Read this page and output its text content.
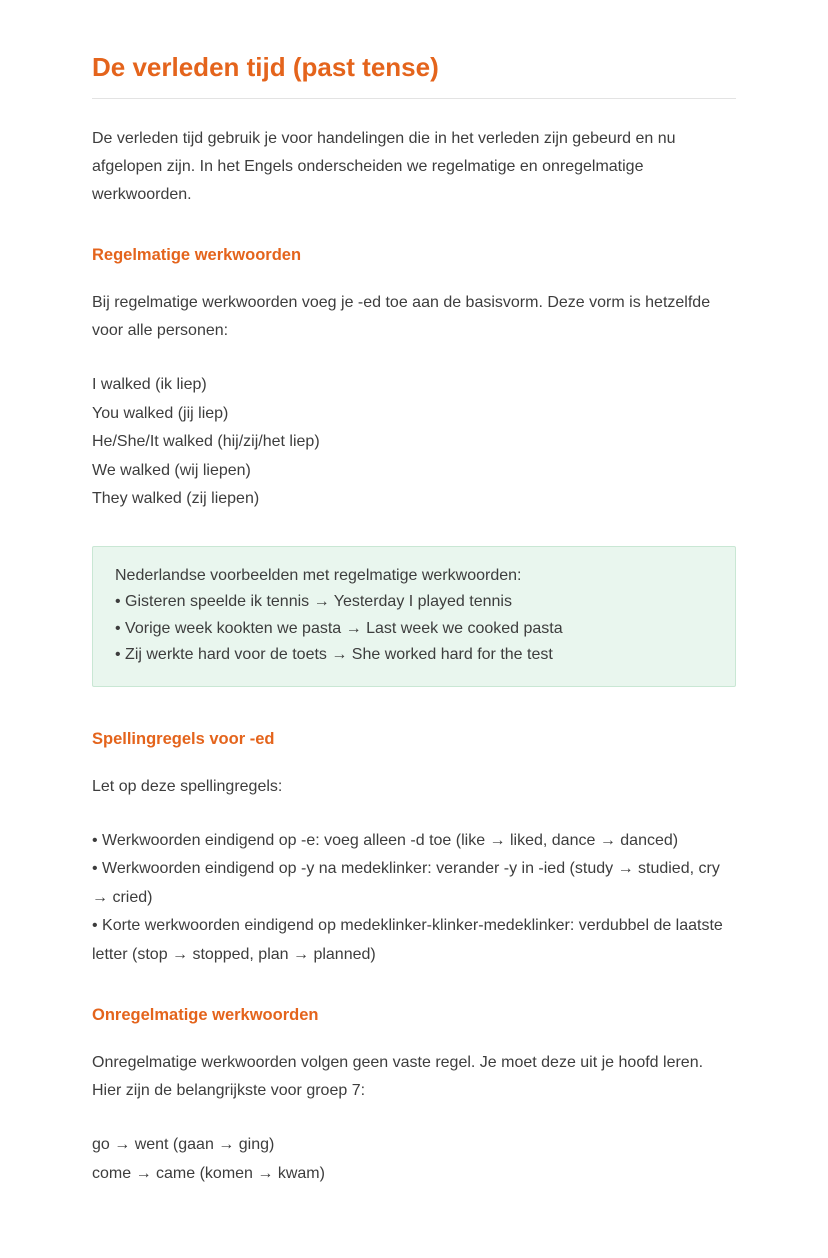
De verleden tijd (past tense)

De verleden tijd gebruik je voor handelingen die in het verleden zijn gebeurd en nu afgelopen zijn. In het Engels onderscheiden we regelmatige en onregelmatige werkwoorden.

Regelmatige werkwoorden

Bij regelmatige werkwoorden voeg je -ed toe aan de basisvorm. Deze vorm is hetzelfde voor alle personen:

I walked (ik liep)
You walked (jij liep)
He/She/It walked (hij/zij/het liep)
We walked (wij liepen)
They walked (zij liepen)
Nederlandse voorbeelden met regelmatige werkwoorden:
• Gisteren speelde ik tennis → Yesterday I played tennis
• Vorige week kookten we pasta → Last week we cooked pasta
• Zij werkte hard voor de toets → She worked hard for the test
Spellingregels voor -ed

Let op deze spellingregels:

• Werkwoorden eindigend op -e: voeg alleen -d toe (like → liked, dance → danced)
• Werkwoorden eindigend op -y na medeklinker: verander -y in -ied (study → studied, cry → cried)
• Korte werkwoorden eindigend op medeklinker-klinker-medeklinker: verdubbel de laatste letter (stop → stopped, plan → planned)
Onregelmatige werkwoorden

Onregelmatige werkwoorden volgen geen vaste regel. Je moet deze uit je hoofd leren. Hier zijn de belangrijkste voor groep 7:

go → went (gaan → ging)
come → came (komen → kwam)
